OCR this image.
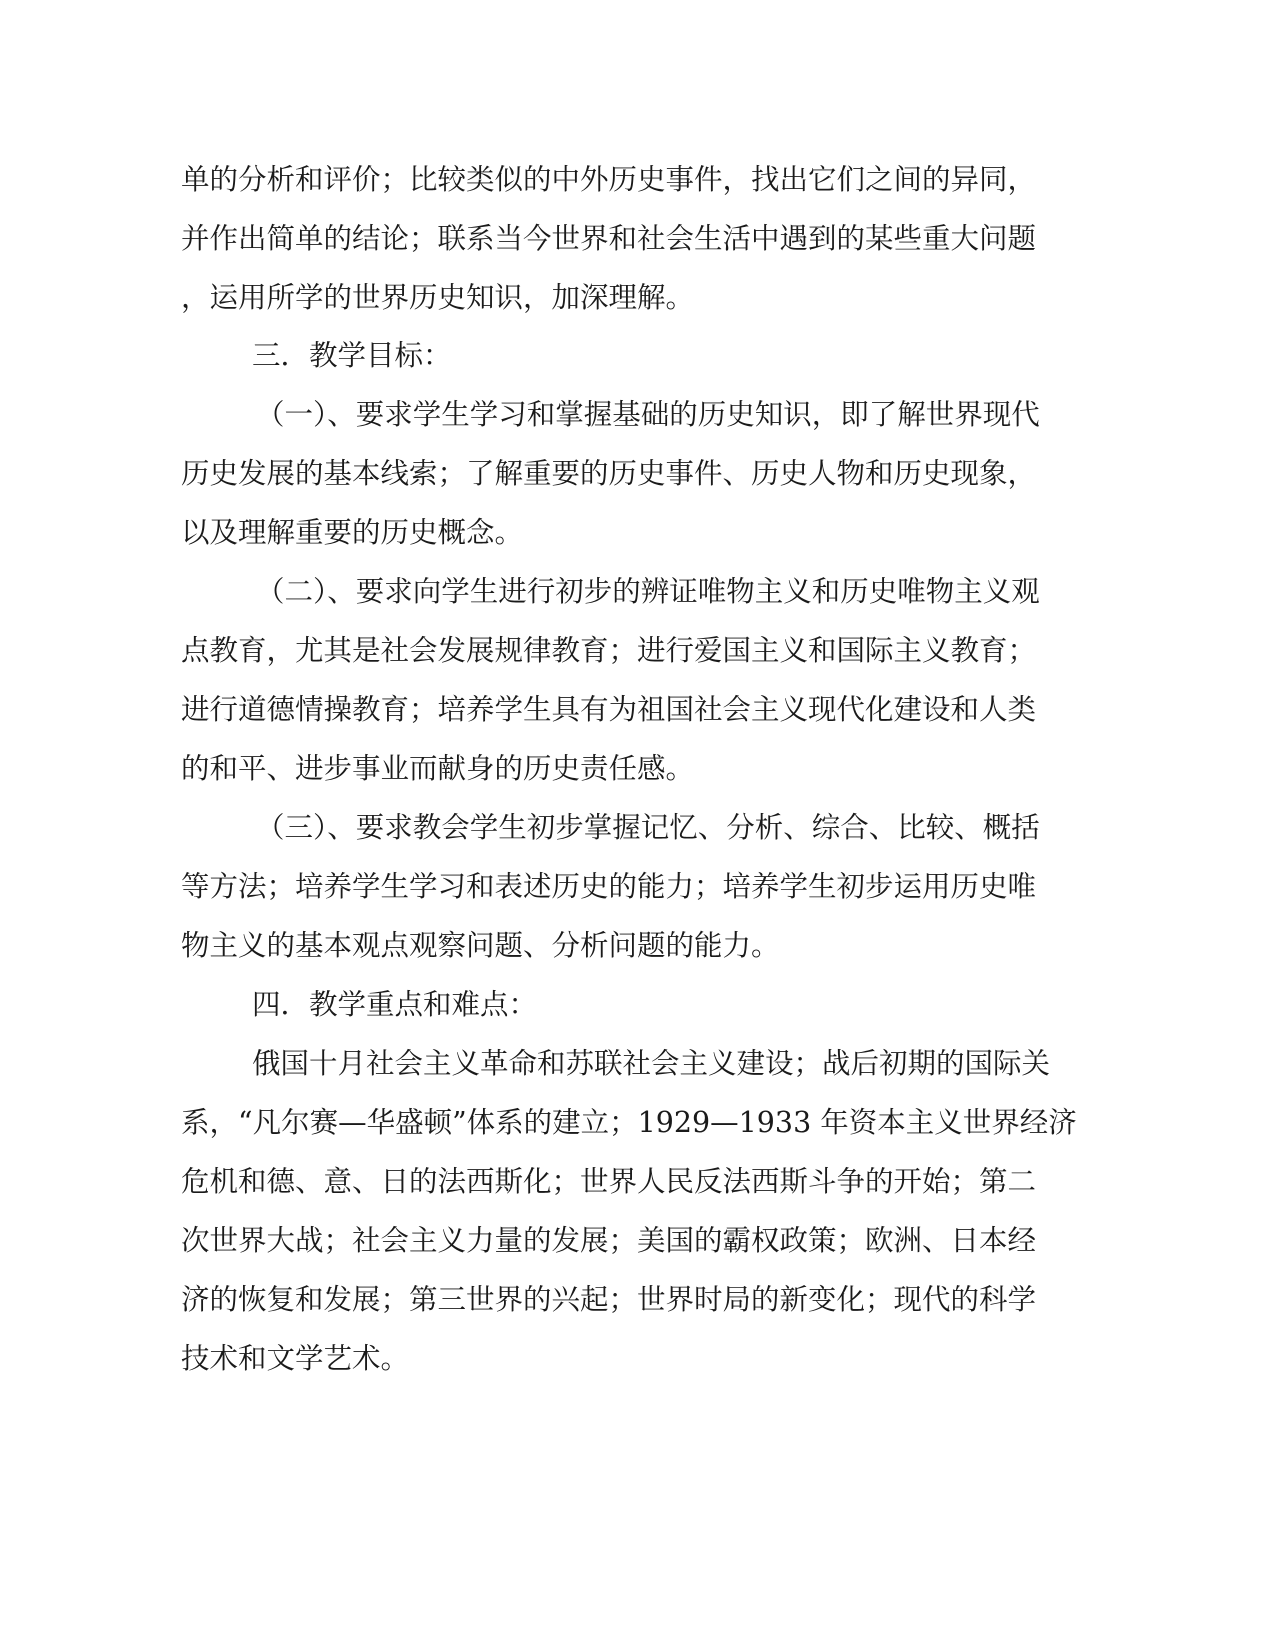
单的分析和评价；比较类似的中外历史事件，找出它们之间的异同，
并作出简单的结论；联系当今世界和社会生活中遇到的某些重大问题
，运用所学的世界历史知识，加深理解。
三．教学目标：
（一）、要求学生学习和掌握基础的历史知识，即了解世界现代
历史发展的基本线索；了解重要的历史事件、历史人物和历史现象，
以及理解重要的历史概念。
（二）、要求向学生进行初步的辨证唯物主义和历史唯物主义观
点教育，尤其是社会发展规律教育；进行爱国主义和国际主义教育；
进行道德情操教育；培养学生具有为祖国社会主义现代化建设和人类
的和平、进步事业而献身的历史责任感。
（三）、要求教会学生初步掌握记忆、分析、综合、比较、概括
等方法；培养学生学习和表述历史的能力；培养学生初步运用历史唯
物主义的基本观点观察问题、分析问题的能力。
四．教学重点和难点：
俄国十月社会主义革命和苏联社会主义建设；战后初期的国际关
系，“凡尔赛—华盛顿”体系的建立；1929—1933 年资本主义世界经济
危机和德、意、日的法西斯化；世界人民反法西斯斗争的开始；第二
次世界大战；社会主义力量的发展；美国的霸权政策；欧洲、日本经
济的恢复和发展；第三世界的兴起；世界时局的新变化；现代的科学
技术和文学艺术。
